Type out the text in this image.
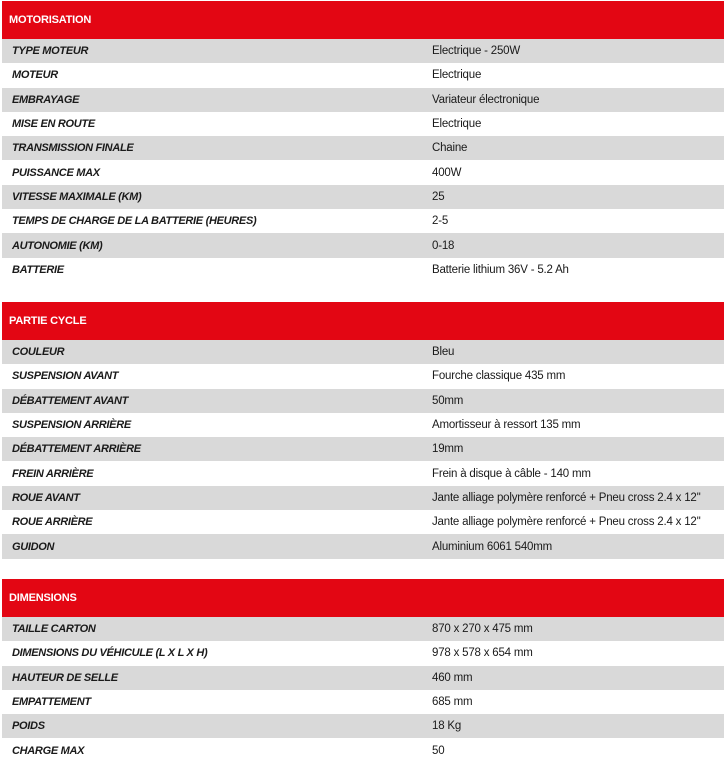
MOTORISATION
TYPE MOTEUR	Electrique - 250W
MOTEUR	Electrique
EMBRAYAGE	Variateur électronique
MISE EN ROUTE	Electrique
TRANSMISSION FINALE	Chaine
PUISSANCE MAX	400W
VITESSE MAXIMALE (KM)	25
TEMPS DE CHARGE DE LA BATTERIE (HEURES)	2-5
AUTONOMIE (KM)	0-18
BATTERIE	Batterie lithium 36V - 5.2 Ah
PARTIE CYCLE
COULEUR	Bleu
SUSPENSION AVANT	Fourche classique 435 mm
DÉBATTEMENT AVANT	50mm
SUSPENSION ARRIÈRE	Amortisseur à ressort 135 mm
DÉBATTEMENT ARRIÈRE	19mm
FREIN ARRIÈRE	Frein à disque à câble - 140 mm
ROUE AVANT	Jante alliage polymère renforcé + Pneu cross 2.4 x 12''
ROUE ARRIÈRE	Jante alliage polymère renforcé + Pneu cross 2.4 x 12''
GUIDON	Aluminium 6061 540mm
DIMENSIONS
TAILLE CARTON	870 x 270 x 475 mm
DIMENSIONS DU VÉHICULE (L X L X H)	978 x 578 x 654 mm
HAUTEUR DE SELLE	460 mm
EMPATTEMENT	685 mm
POIDS	18 Kg
CHARGE MAX	50
